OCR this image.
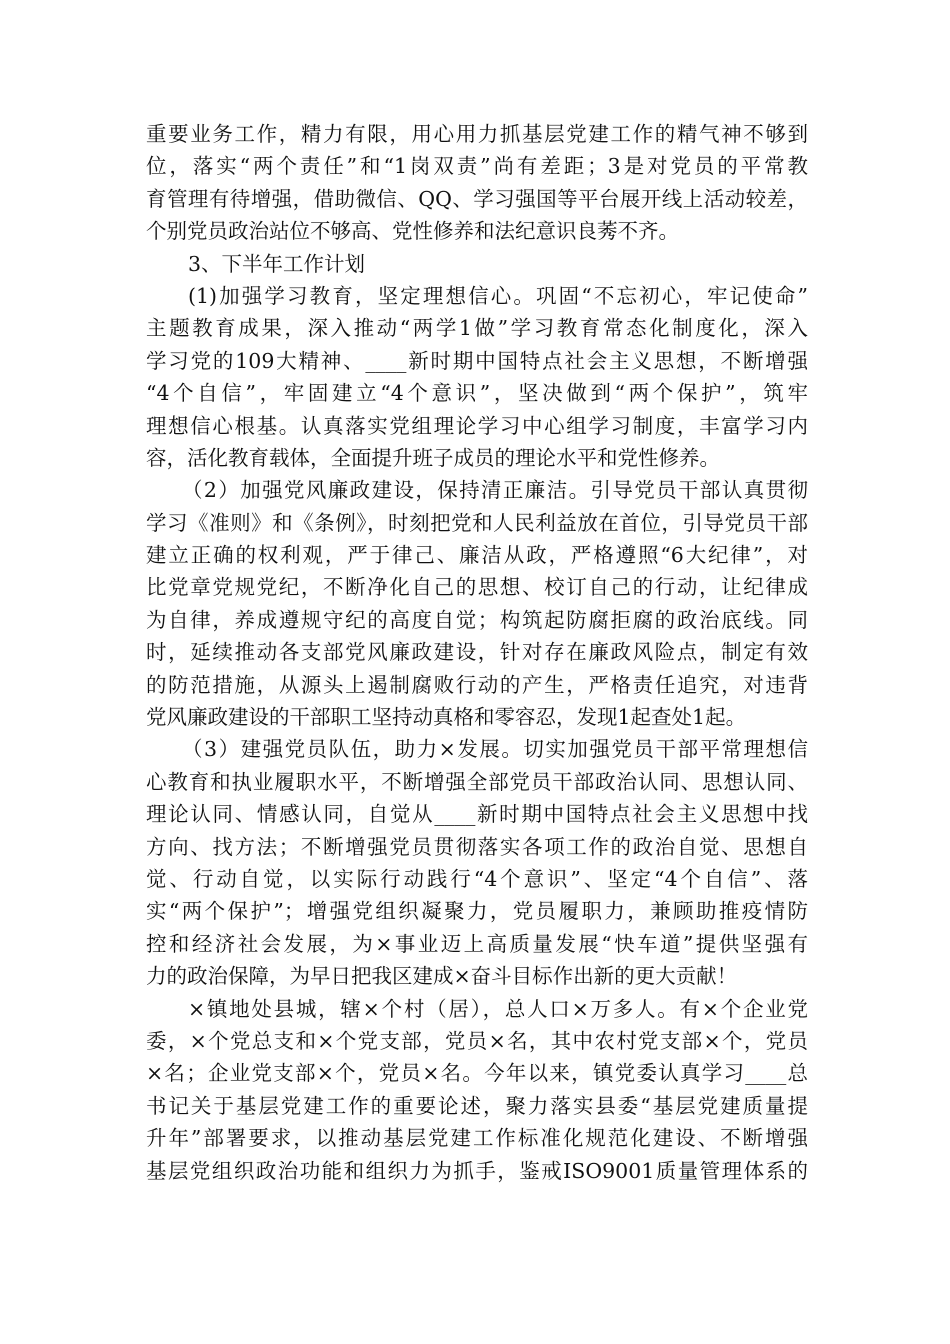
重要业务工作，精力有限，用心用力抓基层党建工作的精气神不够到
位，落实“两个责任”和“1岗双责”尚有差距；3是对党员的平常教
育管理有待增强，借助微信、QQ、学习强国等平台展开线上活动较差，
个别党员政治站位不够高、党性修养和法纪意识良莠不齐。
3、下半年工作计划
(1)加强学习教育，坚定理想信心。巩固“不忘初心，牢记使命”
主题教育成果，深入推动“两学1做”学习教育常态化制度化，深入
学习党的109大精神、____新时期中国特点社会主义思想，不断增强
“4个自信”，牢固建立“4个意识”，坚决做到“两个保护”，筑牢
理想信心根基。认真落实党组理论学习中心组学习制度，丰富学习内
容，活化教育载体，全面提升班子成员的理论水平和党性修养。
（2）加强党风廉政建设，保持清正廉洁。引导党员干部认真贯彻
学习《准则》和《条例》，时刻把党和人民利益放在首位，引导党员干部
建立正确的权利观，严于律己、廉洁从政，严格遵照“6大纪律”，对
比党章党规党纪，不断净化自己的思想、校订自己的行动，让纪律成
为自律，养成遵规守纪的高度自觉；构筑起防腐拒腐的政治底线。同
时，延续推动各支部党风廉政建设，针对存在廉政风险点，制定有效
的防范措施，从源头上遏制腐败行动的产生，严格责任追究，对违背
党风廉政建设的干部职工坚持动真格和零容忍，发现1起查处1起。
（3）建强党员队伍，助力×发展。切实加强党员干部平常理想信
心教育和执业履职水平，不断增强全部党员干部政治认同、思想认同、
理论认同、情感认同，自觉从____新时期中国特点社会主义思想中找
方向、找方法；不断增强党员贯彻落实各项工作的政治自觉、思想自
觉、行动自觉，以实际行动践行“4个意识”、坚定“4个自信”、落
实“两个保护”；增强党组织凝聚力，党员履职力，兼顾助推疫情防
控和经济社会发展，为×事业迈上高质量发展“快车道”提供坚强有
力的政治保障，为早日把我区建成×奋斗目标作出新的更大贡献！
×镇地处县城，辖×个村（居），总人口×万多人。有×个企业党
委，×个党总支和×个党支部，党员×名，其中农村党支部×个，党员
×名；企业党支部×个，党员×名。今年以来，镇党委认真学习____总
书记关于基层党建工作的重要论述，聚力落实县委“基层党建质量提
升年”部署要求，以推动基层党建工作标准化规范化建设、不断增强
基层党组织政治功能和组织力为抓手，鉴戒ISO9001质量管理体系的
